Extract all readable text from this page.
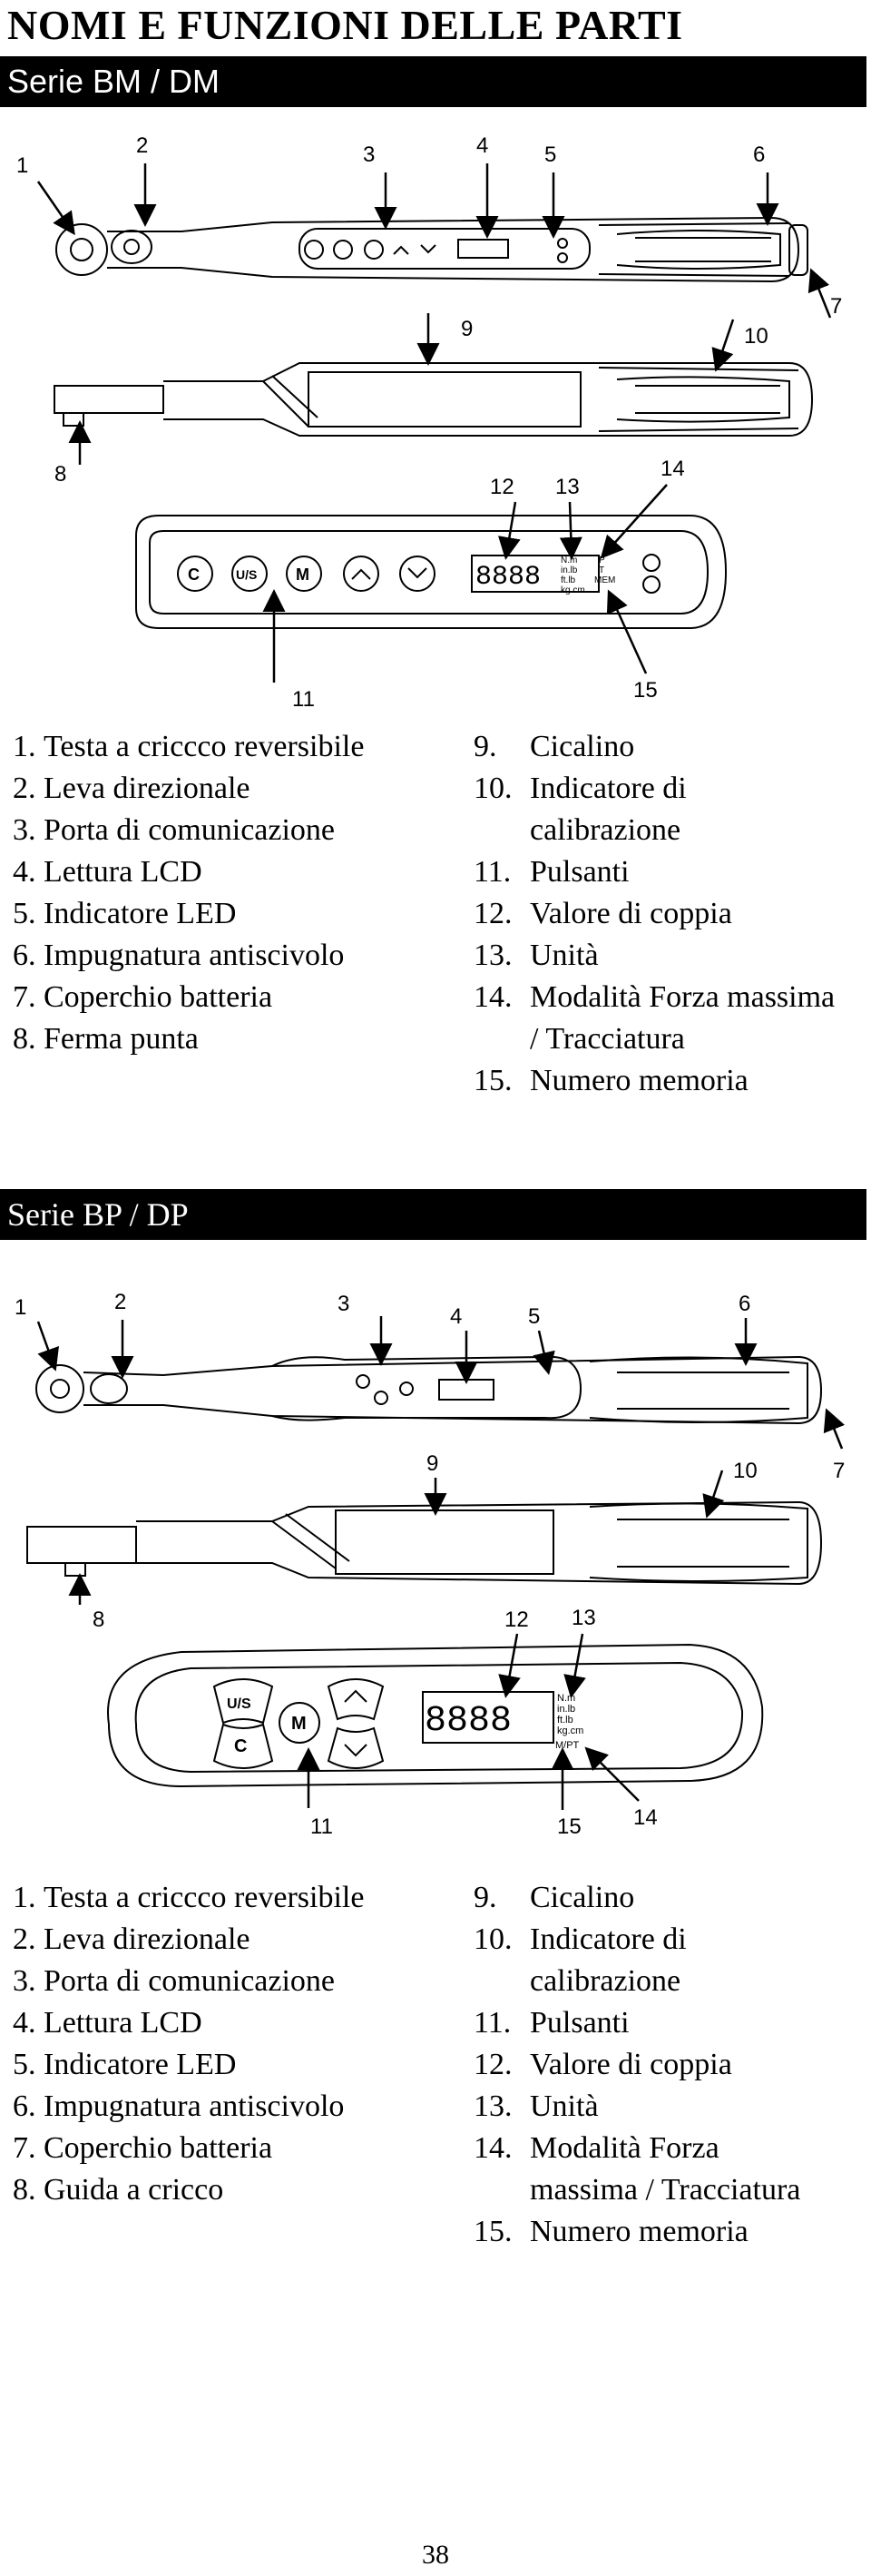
NOMI E FUNZIONI DELLE PARTI
Serie BM / DM
1
2	3	4	5	6
7
9	10
8
12 13
14
11	15
C	U/S M	8888
N.m
in.lb
ft.lb
kg.cm
P
T
MEM
1.
Testa a criccco reversibile
2.
Leva direzionale
3.
Porta di comunicazione
4.
Lettura LCD
5.
Indicatore LED
6.
Impugnatura antiscivolo
7.
Coperchio batteria
8.
Ferma punta
9.	Cicalino
10. Indicatore di calibrazione
11. Pulsanti
12. Valore di coppia
13. Unità
14. Modalità Forza massima / Tracciatura
15. Numero memoria
Serie BP / DP
1	2	3
4	5
6
7
9	10
8	12 13
14
11	15
U/S
M
C
8888
N.m
in.lb
ft.lb
kg.cm
M/PT
1.
Testa a criccco reversibile
2.
Leva direzionale
3.
Porta di comunicazione
4.
Lettura LCD
5.
Indicatore LED
6.
Impugnatura antiscivolo
7.
Coperchio batteria
8.
Guida a cricco
9.	Cicalino
10. Indicatore di calibrazione
11. Pulsanti
12. Valore di coppia
13. Unità
14. Modalità Forza massima / Tracciatura
15. Numero memoria
38
